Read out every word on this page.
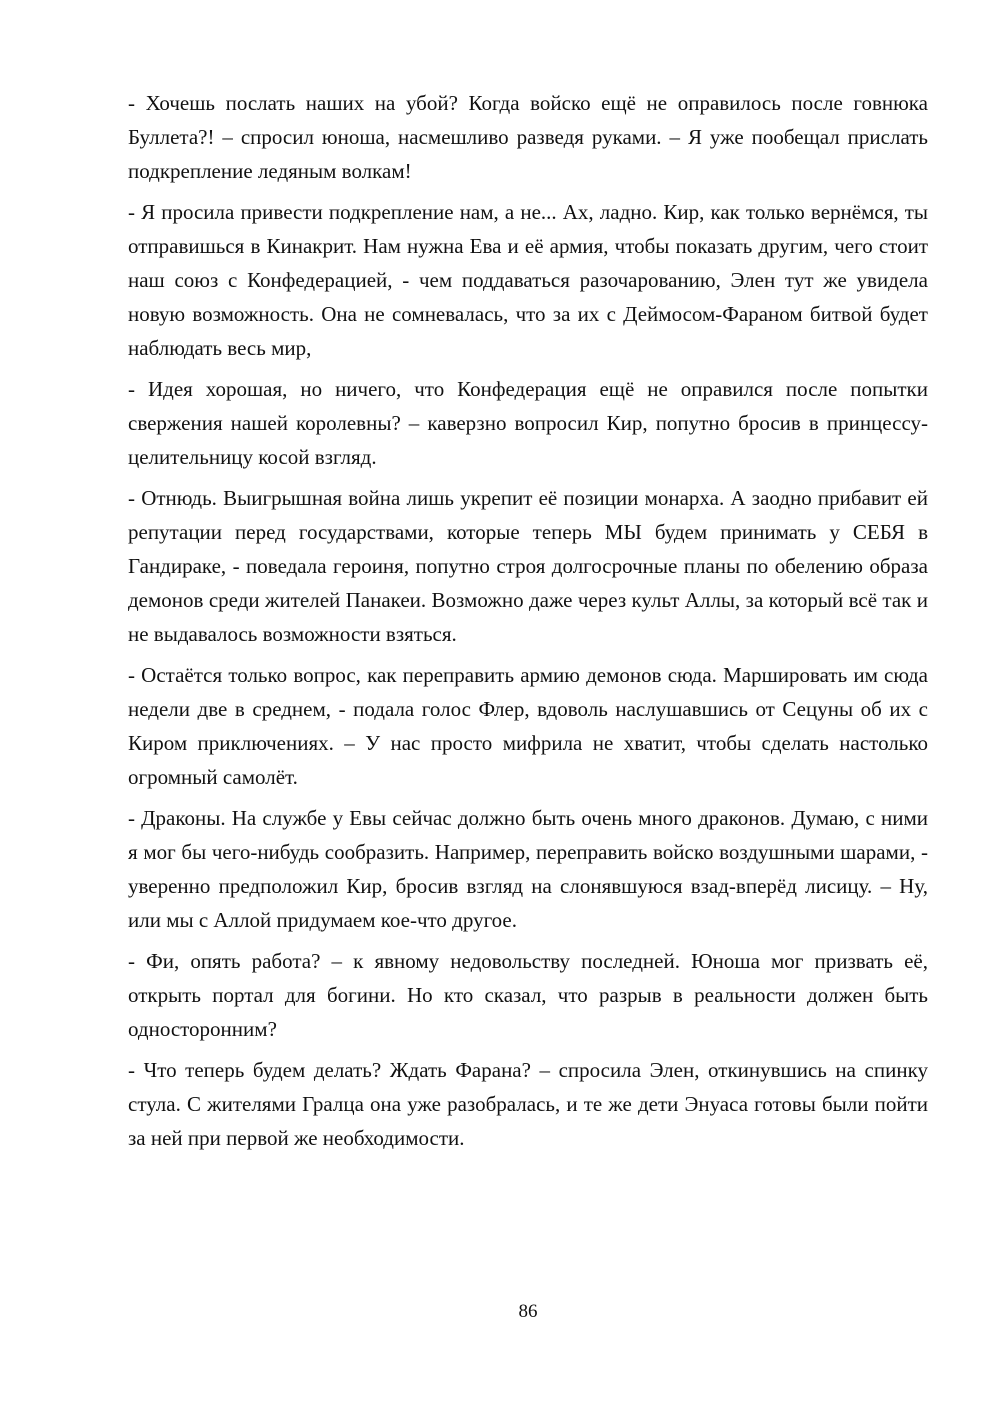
- Хочешь послать наших на убой? Когда войско ещё не оправилось после говнюка Буллета?! – спросил юноша, насмешливо разведя руками. – Я уже пообещал прислать подкрепление ледяным волкам!

- Я просила привести подкрепление нам, а не... Ах, ладно. Кир, как только вернёмся, ты отправишься в Кинакрит. Нам нужна Ева и её армия, чтобы показать другим, чего стоит наш союз с Конфедерацией, - чем поддаваться разочарованию, Элен тут же увидела новую возможность. Она не сомневалась, что за их с Деймосом-Фараном битвой будет наблюдать весь мир,

- Идея хорошая, но ничего, что Конфедерация ещё не оправился после попытки свержения нашей королевны? – каверзно вопросил Кир, попутно бросив в принцессу-целительницу косой взгляд.

- Отнюдь. Выигрышная война лишь укрепит её позиции монарха. А заодно прибавит ей репутации перед государствами, которые теперь МЫ будем принимать у СЕБЯ в Гандираке, - поведала героиня, попутно строя долгосрочные планы по обелению образа демонов среди жителей Панакеи. Возможно даже через культ Аллы, за который всё так и не выдавалось возможности взяться.

- Остаётся только вопрос, как переправить армию демонов сюда. Маршировать им сюда недели две в среднем, - подала голос Флер, вдоволь наслушавшись от Сецуны об их с Киром приключениях. – У нас просто мифрила не хватит, чтобы сделать настолько огромный самолёт.

- Драконы. На службе у Евы сейчас должно быть очень много драконов. Думаю, с ними я мог бы чего-нибудь сообразить. Например, переправить войско воздушными шарами, - уверенно предположил Кир, бросив взгляд на слонявшуюся взад-вперёд лисицу. – Ну, или мы с Аллой придумаем кое-что другое.

- Фи, опять работа? – к явному недовольству последней. Юноша мог призвать её, открыть портал для богини. Но кто сказал, что разрыв в реальности должен быть односторонним?

- Что теперь будем делать? Ждать Фарана? – спросила Элен, откинувшись на спинку стула. С жителями Гралца она уже разобралась, и те же дети Энуаса готовы были пойти за ней при первой же необходимости.

86
